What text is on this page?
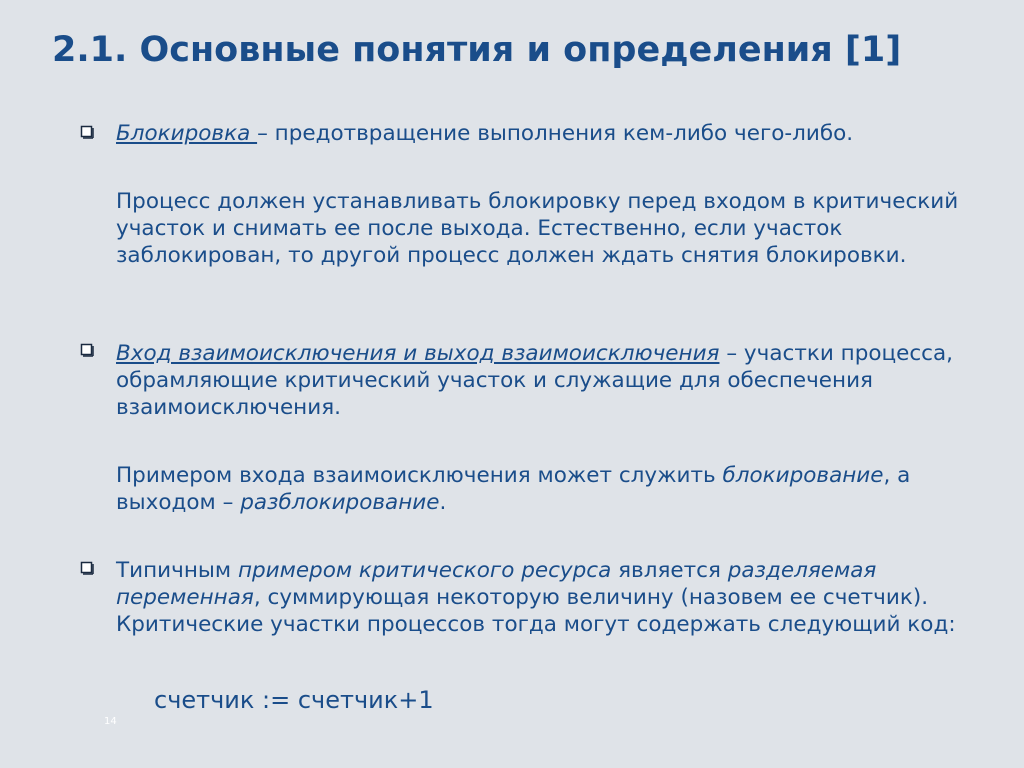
2.1. Основные понятия и определения [1]
Блокировка – предотвращение выполнения кем-либо чего-либо.
Процесс должен устанавливать блокировку перед входом в критический участок и снимать ее после выхода. Естественно, если участок заблокирован, то другой процесс должен ждать снятия блокировки.
Вход взаимоисключения и выход взаимоисключения – участки процесса, обрамляющие критический участок и служащие для обеспечения взаимоисключения.
Примером входа взаимоисключения может служить блокирование, а выходом – разблокирование.
Типичным примером критического ресурса является разделяемая переменная, суммирующая некоторую величину (назовем ее счетчик). Критические участки процессов тогда могут содержать следующий код:
счетчик := счетчик+1
14
